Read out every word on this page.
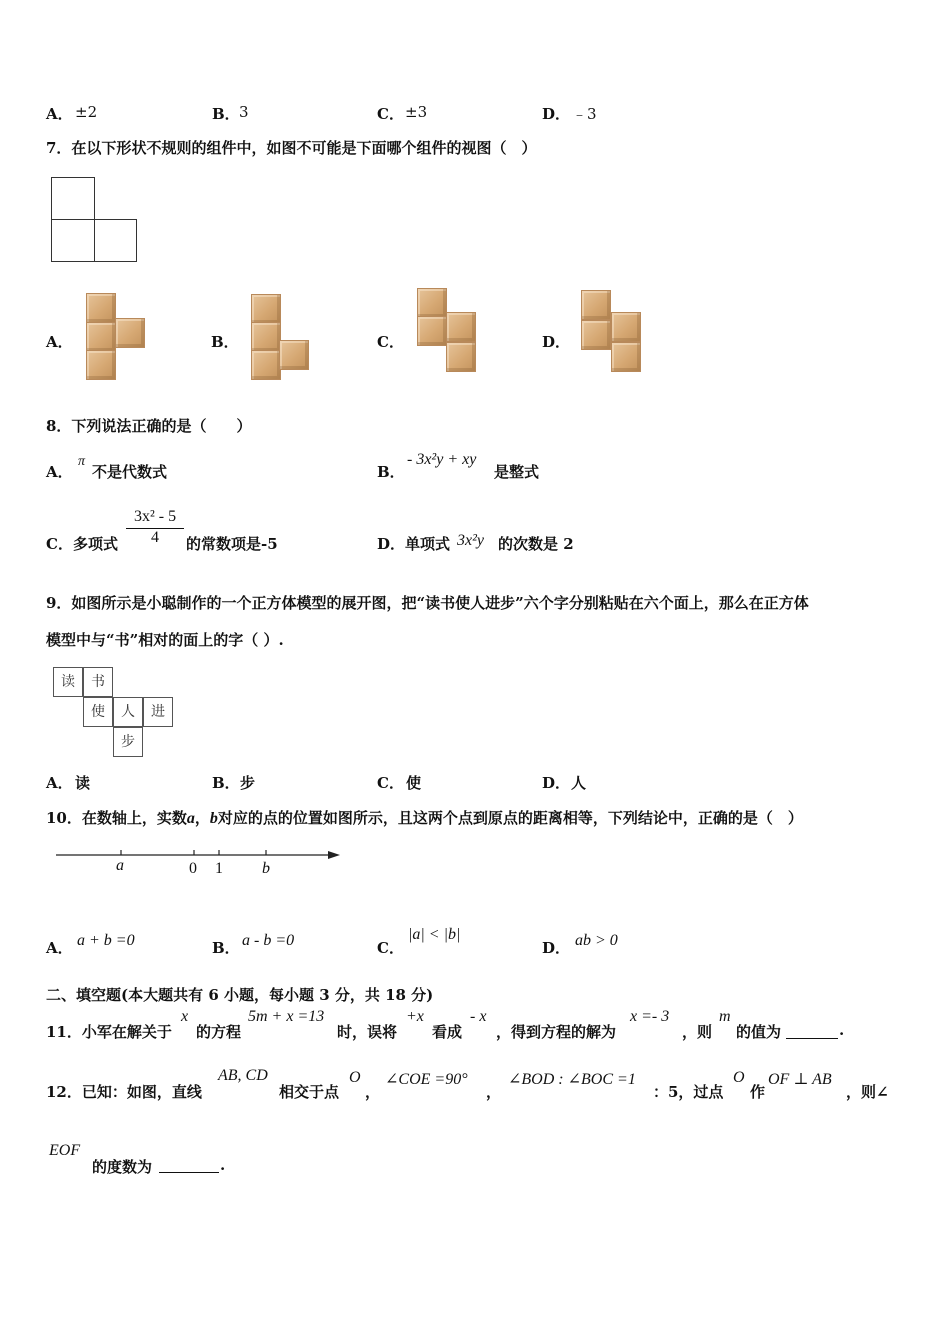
A． ±2	B． 3	C． ±3	D． ﹣3
7．在以下形状不规则的组件中，如图不可能是下面哪个组件的视图（　）
A．	B．	C．	D．
8．下列说法正确的是（　　）
A．
π
不是代数式	B．
- 3x²y + xy
是整式
C．多项式 $\frac{\text{3x² - 5}}{4}$ 的常数项是-5	D．单项式 3x²y 的次数是 2
9．如图所示是小聪制作的一个正方体模型的展开图，把“读书使人进步”六个字分别粘贴在六个面上，那么在正方体
模型中与“书”相对的面上的字（ ）.
读	书
使	人	进
步
A． 读	B． 步	C． 使	D． 人
10．在数轴上，实数a，b对应的点的位置如图所示，且这两个点到原点的距离相等，下列结论中，正确的是（　）
a	0 1 b
A． a + b =0	B． a - b =0	C．
|a| < |b|
D． ab > 0
二、填空题(本大题共有 6 小题，每小题 3 分，共 18 分)
11．小军在解关于
x
的方程
5m + x =13
时，误将
+x
看成
- x
，得到方程的解为
x =- 3
，则
m
的值为	.
12．已知：如图，直线
AB, CD
相交于点
O
，
∠COE =90°
，
∠BOD : ∠BOC =1
：5，过点
O
作
OF ⊥ AB
，则∠
EOF
的度数为	.
